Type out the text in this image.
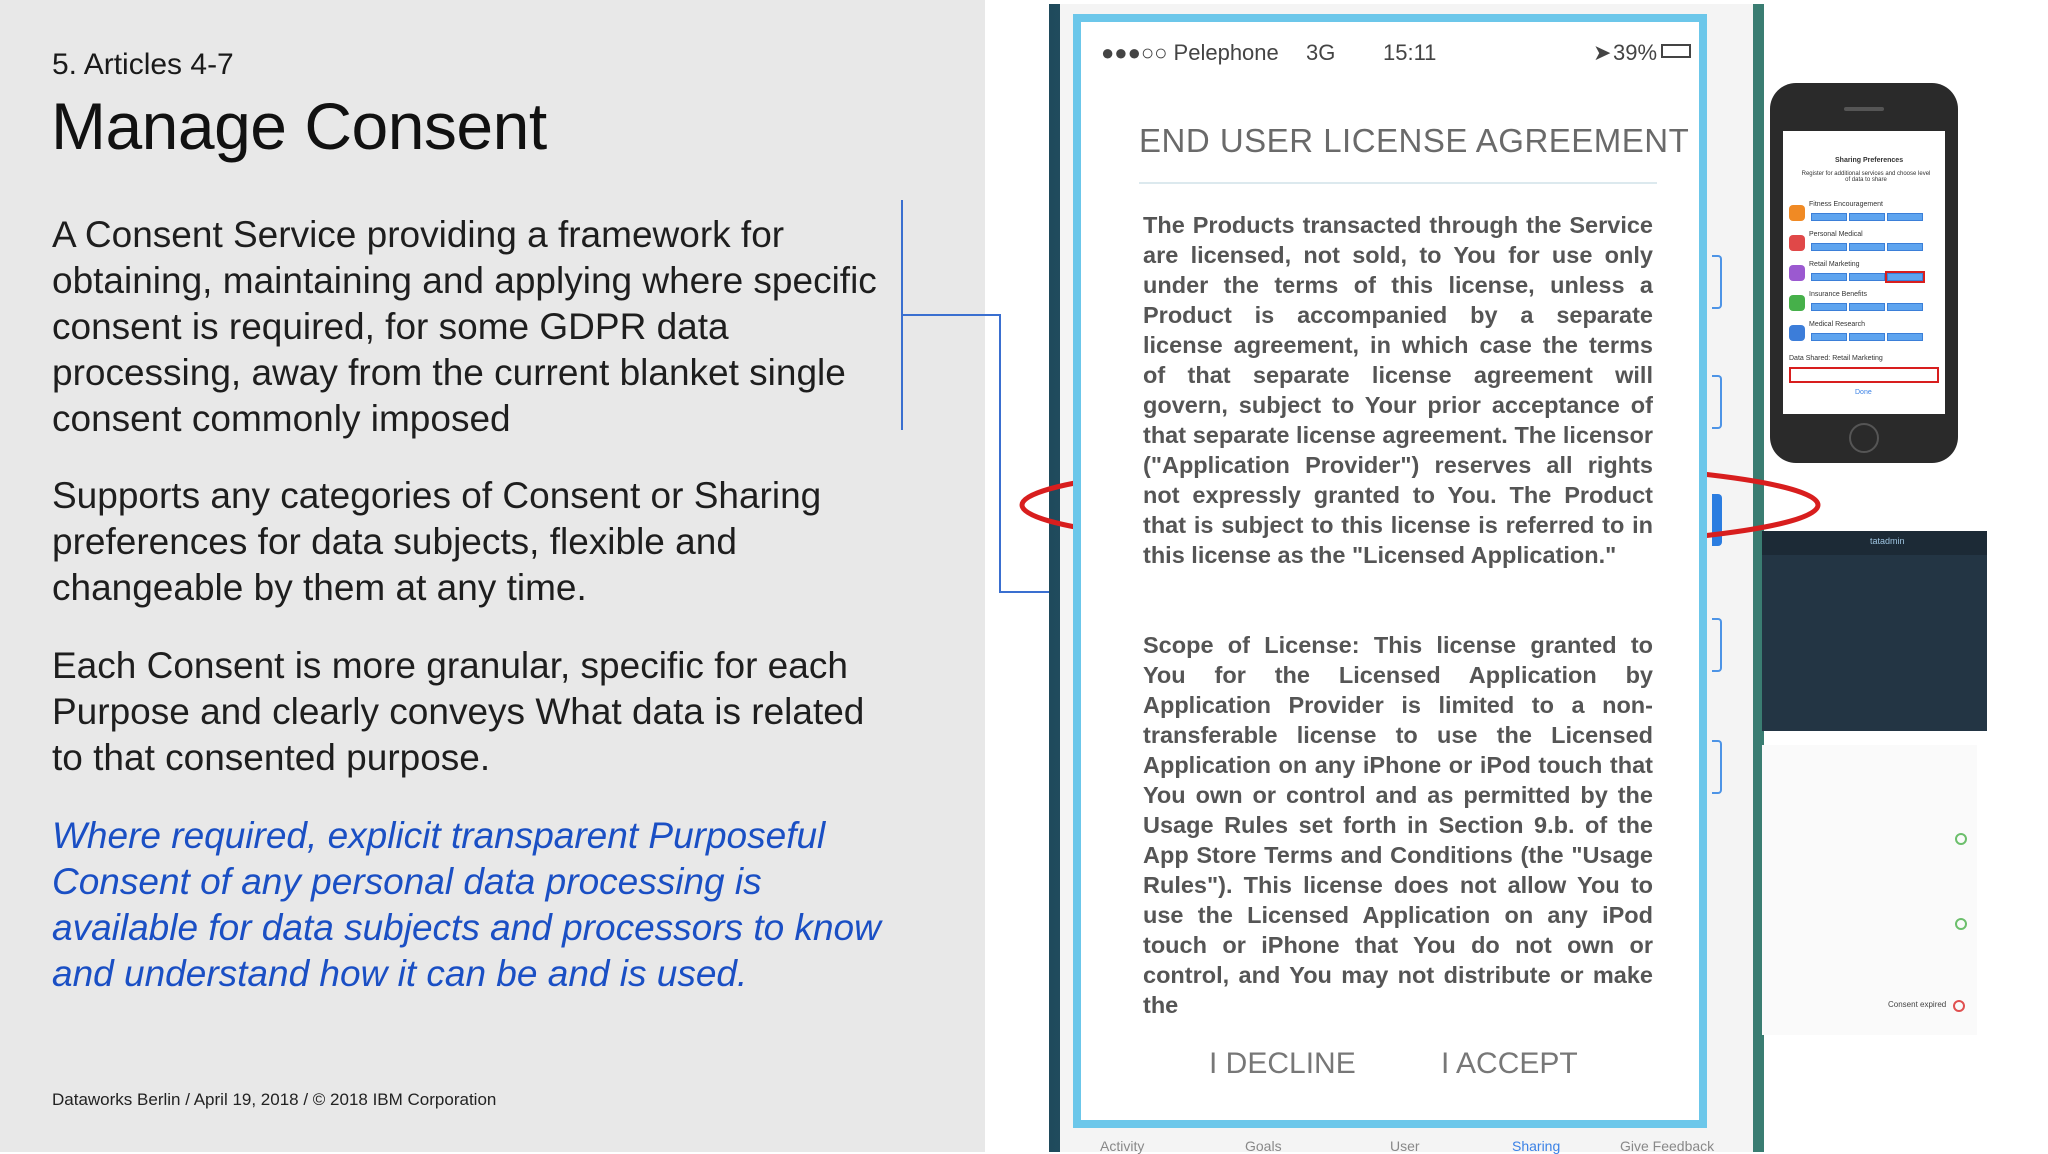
5. Articles 4-7
Manage Consent
A Consent Service providing a framework for obtaining, maintaining and applying where specific consent is required, for some GDPR data processing, away from the current blanket single consent commonly imposed
Supports any categories of Consent or Sharing preferences for data subjects, flexible and changeable by them at any time.
Each Consent is more granular, specific for each Purpose and clearly conveys What data is related to that consented purpose.
Where required, explicit transparent Purposeful Consent of any personal data processing is available for data subjects and processors to know and understand how it can be and is used.
Dataworks Berlin / April 19, 2018 / © 2018 IBM Corporation
Activity	Goals	User	Sharing	Give Feedback
tatadmin
Consent expired
Sharing Preferences
Register for additional services and choose level of data to share
Fitness Encouragement
Personal Medical
Retail Marketing
Insurance Benefits
Medical Research
Data Shared: Retail Marketing
Done
●●●○○ Pelephone 3G 15:11	➤ 39%
END USER LICENSE AGREEMENT
The Products transacted through the Service are licensed, not sold, to You for use only under the terms of this license, unless a Product is accompanied by a separate license agreement, in which case the terms of that separate license agreement will govern, subject to Your prior acceptance of that separate license agreement. The licensor ("Application Provider") reserves all rights not expressly granted to You. The Product that is subject to this license is referred to in this license as the "Licensed Application."
Scope of License: This license granted to You for the Licensed Application by Application Provider is limited to a non-transferable license to use the Licensed Application on any iPhone or iPod touch that You own or control and as permitted by the Usage Rules set forth in Section 9.b. of the App Store Terms and Conditions (the "Usage Rules"). This license does not allow You to use the Licensed Application on any iPod touch or iPhone that You do not own or control, and You may not distribute or make the
I DECLINE	I ACCEPT
